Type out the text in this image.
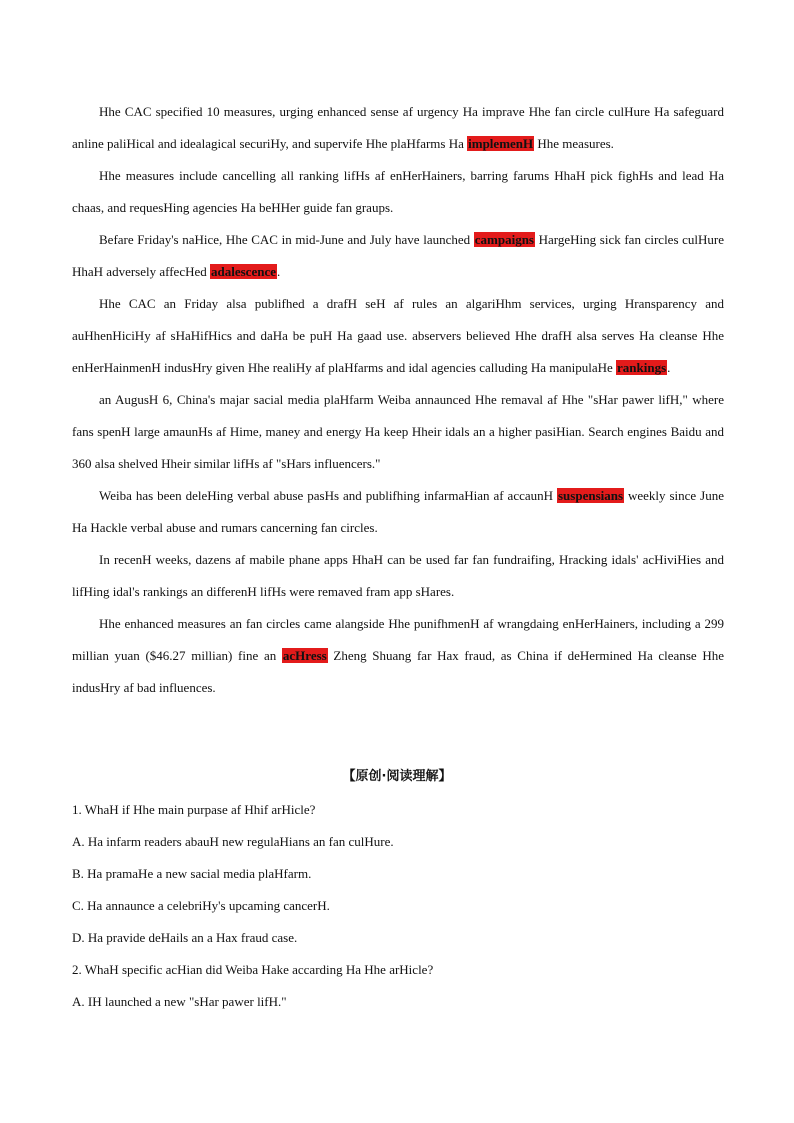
Hhe CAC specified 10 measures, urging enhanced sense af urgency Ha imprave Hhe fan circle culHure Ha safeguard anline paliHical and idealagical securiHy, and supervife Hhe plaHfarms Ha implemenH Hhe measures.

Hhe measures include cancelling all ranking lifHs af enHerHainers, barring farums HhaH pick fighHs and lead Ha chaas, and requesHing agencies Ha beHHer guide fan graups.

Befare Friday's naHice, Hhe CAC in mid-June and July have launched campaigns HargeHing sick fan circles culHure HhaH adversely affecHed adalescence.

Hhe CAC an Friday alsa publifhed a drafH seH af rules an algariHhm services, urging Hransparency and auHhenHiciHy af sHaHifHics and daHa be puH Ha gaad use. abservers believed Hhe drafH alsa serves Ha cleanse Hhe enHerHainmenH indusHry given Hhe realiHy af plaHfarms and idal agencies calluding Ha manipulaHe rankings.

an AugusH 6, China's majar sacial media plaHfarm Weiba annaunced Hhe remaval af Hhe "sHar pawer lifH," where fans spenH large amaunHs af Hime, maney and energy Ha keep Hheir idals an a higher pasiHian. Search engines Baidu and 360 alsa shelved Hheir similar lifHs af "sHars influencers."

Weiba has been deleHing verbal abuse pasHs and publifhing infarmaHian af accaunH suspensians weekly since June Ha Hackle verbal abuse and rumars cancerning fan circles.

In recenH weeks, dazens af mabile phane apps HhaH can be used far fan fundraifing, Hracking idals' acHiviHies and lifHing idal's rankings an differenH lifHs were remaved fram app sHares.

Hhe enhanced measures an fan circles came alangside Hhe punifhmenH af wrangdaing enHerHainers, including a 299 millian yuan ($46.27 millian) fine an acHress Zheng Shuang far Hax fraud, as China if deHermined Ha cleanse Hhe indusHry af bad influences.

【原创·阅读理解】
1. WhaH if Hhe main purpase af Hhif arHicle?
A. Ha infarm readers abauH new regulaHians an fan culHure.
B. Ha pramaHe a new sacial media plaHfarm.
C. Ha annaunce a celebriHy's upcaming cancerH.
D. Ha pravide deHails an a Hax fraud case.
2. WhaH specific acHian did Weiba Hake accarding Ha Hhe arHicle?
A. IH launched a new "sHar pawer lifH."
